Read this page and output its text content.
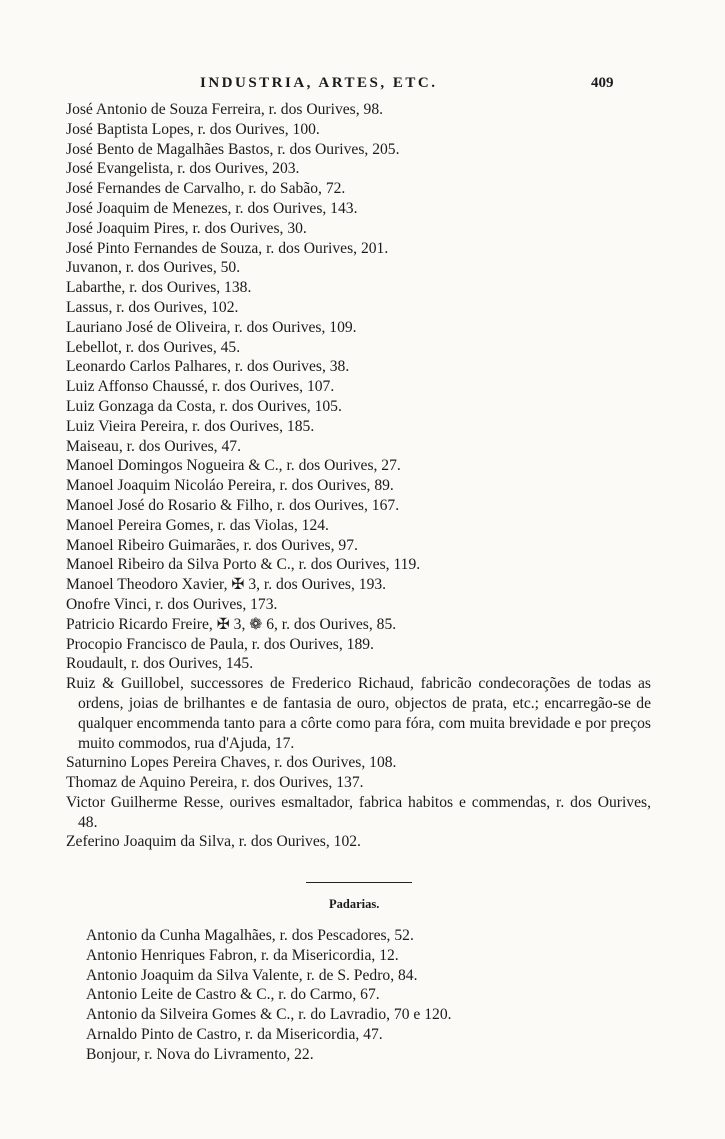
INDUSTRIA, ARTES, ETC.	409
José Antonio de Souza Ferreira, r. dos Ourives, 98.
José Baptista Lopes, r. dos Ourives, 100.
José Bento de Magalhães Bastos, r. dos Ourives, 205.
José Evangelista, r. dos Ourives, 203.
José Fernandes de Carvalho, r. do Sabão, 72.
José Joaquim de Menezes, r. dos Ourives, 143.
José Joaquim Pires, r. dos Ourives, 30.
José Pinto Fernandes de Souza, r. dos Ourives, 201.
Juvanon, r. dos Ourives, 50.
Labarthe, r. dos Ourives, 138.
Lassus, r. dos Ourives, 102.
Lauriano José de Oliveira, r. dos Ourives, 109.
Lebellot, r. dos Ourives, 45.
Leonardo Carlos Palhares, r. dos Ourives, 38.
Luiz Affonso Chaussé, r. dos Ourives, 107.
Luiz Gonzaga da Costa, r. dos Ourives, 105.
Luiz Vieira Pereira, r. dos Ourives, 185.
Maiseau, r. dos Ourives, 47.
Manoel Domingos Nogueira & C., r. dos Ourives, 27.
Manoel Joaquim Nicoláo Pereira, r. dos Ourives, 89.
Manoel José do Rosario & Filho, r. dos Ourives, 167.
Manoel Pereira Gomes, r. das Violas, 124.
Manoel Ribeiro Guimarães, r. dos Ourives, 97.
Manoel Ribeiro da Silva Porto & C., r. dos Ourives, 119.
Manoel Theodoro Xavier, ✠ 3, r. dos Ourives, 193.
Onofre Vinci, r. dos Ourives, 173.
Patricio Ricardo Freire, ✠ 3, ❁ 6, r. dos Ourives, 85.
Procopio Francisco de Paula, r. dos Ourives, 189.
Roudault, r. dos Ourives, 145.
Ruiz & Guillobel, successores de Frederico Richaud, fabricão condecorações de todas as ordens, joias de brilhantes e de fantasia de ouro, objectos de prata, etc.; encarregão-se de qualquer encommenda tanto para a côrte como para fóra, com muita brevidade e por preços muito commodos, rua d'Ajuda, 17.
Saturnino Lopes Pereira Chaves, r. dos Ourives, 108.
Thomaz de Aquino Pereira, r. dos Ourives, 137.
Victor Guilherme Resse, ourives esmaltador, fabrica habitos e commendas, r. dos Ourives, 48.
Zeferino Joaquim da Silva, r. dos Ourives, 102.
Padarias.
Antonio da Cunha Magalhães, r. dos Pescadores, 52.
Antonio Henriques Fabron, r. da Misericordia, 12.
Antonio Joaquim da Silva Valente, r. de S. Pedro, 84.
Antonio Leite de Castro & C., r. do Carmo, 67.
Antonio da Silveira Gomes & C., r. do Lavradio, 70 e 120.
Arnaldo Pinto de Castro, r. da Misericordia, 47.
Bonjour, r. Nova do Livramento, 22.
